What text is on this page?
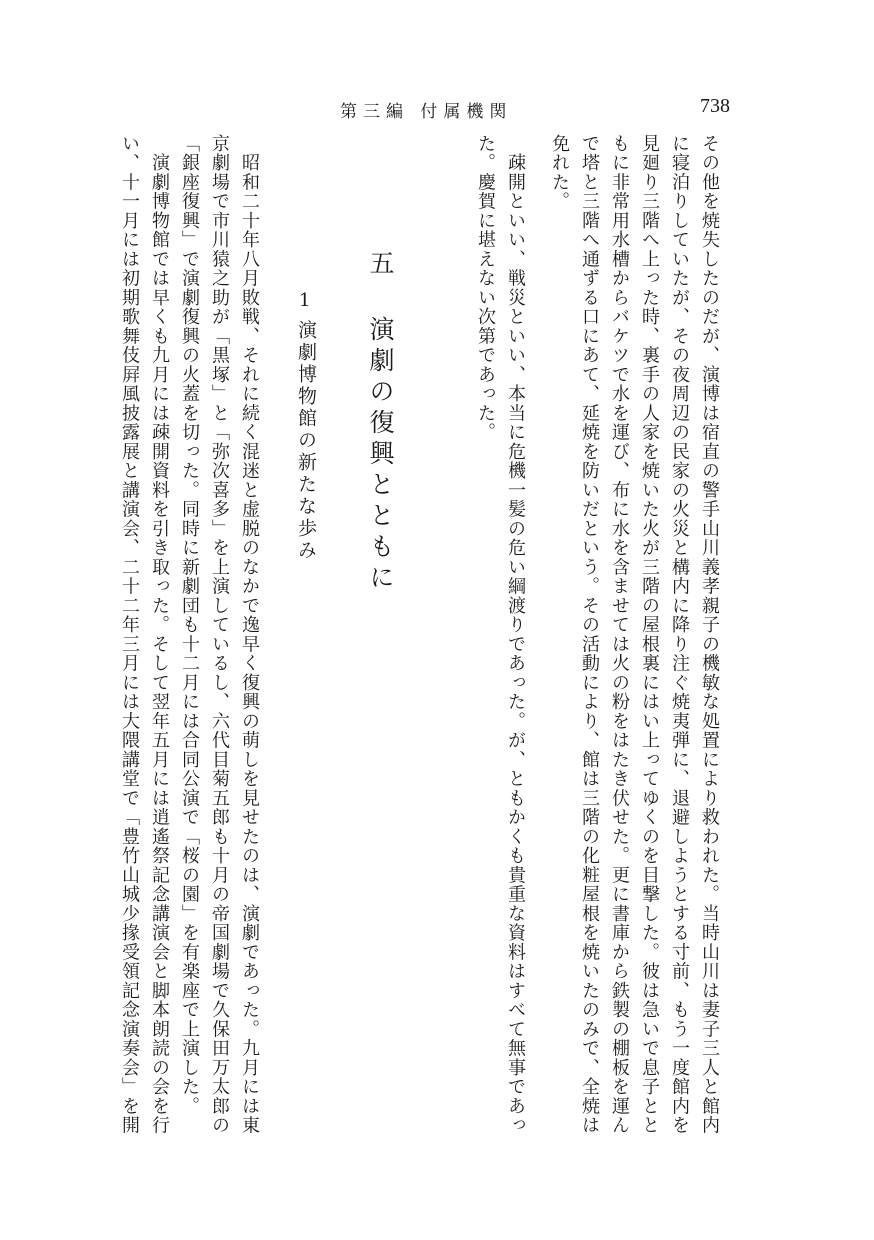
第三編 付属機関	738
その他を焼失したのだが、演博は宿直の警手山川義孝親子の機敏な処置により救われた。当時山川は妻子三人と館内
に寝泊りしていたが、その夜周辺の民家の火災と構内に降り注ぐ焼夷弾に、退避しようとする寸前、もう一度館内を
見廻り三階へ上った時、裏手の人家を焼いた火が三階の屋根裏にはい上ってゆくのを目撃した。彼は急いで息子とと
もに非常用水槽からバケツで水を運び、布に水を含ませては火の粉をはたき伏せた。更に書庫から鉄製の棚板を運ん
で塔と三階へ通ずる口にあて、延焼を防いだという。その活動により、館は三階の化粧屋根を焼いたのみで、全焼は
免れた。
　疎開といい、戦災といい、本当に危機一髪の危い綱渡りであった。が、ともかくも貴重な資料はすべて無事であっ
た。慶賀に堪えない次第であった。
五 演劇の復興とともに
1
演劇博物館の新たな歩み
　昭和二十年八月敗戦、それに続く混迷と虚脱のなかで逸早く復興の萌しを見せたのは、演劇であった。九月には東
京劇場で市川猿之助が「黒塚」と「弥次喜多」を上演しているし、六代目菊五郎も十月の帝国劇場で久保田万太郎の
「銀座復興」で演劇復興の火蓋を切った。同時に新劇団も十二月には合同公演で「桜の園」を有楽座で上演した。
　演劇博物館では早くも九月には疎開資料を引き取った。そして翌年五月には逍遙祭記念講演会と脚本朗読の会を行
い、十一月には初期歌舞伎屛風披露展と講演会、二十二年三月には大隈講堂で「豊竹山城少掾受領記念演奏会」を開
